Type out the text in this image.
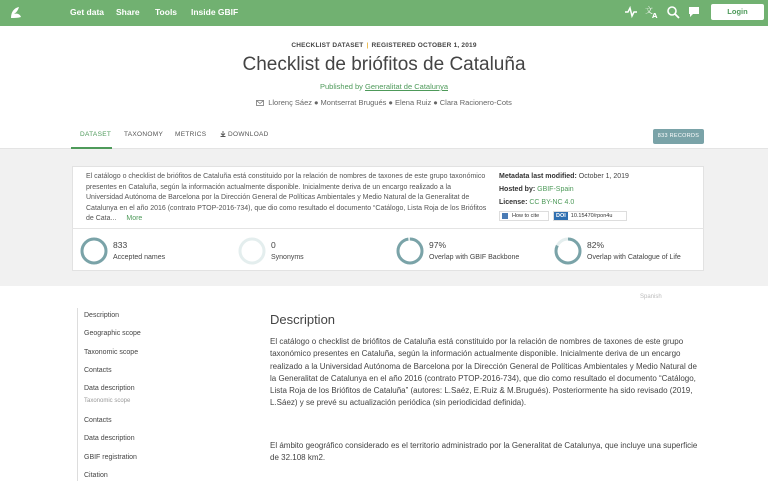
Get data Share Tools Inside GBIF	文
A	Login
CHECKLIST DATASET | REGISTERED OCTOBER 1, 2019
Checklist de briófitos de Cataluña
Published by Generalitat de Catalunya
Llorenç Sáez ● Montserrat Brugués ● Elena Ruiz ● Clara Racionero-Cots
DATASET TAXONOMY METRICS	DOWNLOAD	833 RECORDS
El catálogo o checklist de briófitos de Cataluña está constituido por la relación de nombres de taxones de este grupo taxonómico presentes en Cataluña, según la información actualmente disponible. Inicialmente deriva de un encargo realizado a la Universidad Autónoma de Barcelona por la Dirección General de Políticas Ambientales y Medio Natural de la Generalitat de Catalunya en el año 2016 (contrato PTOP-2016-734), que dio como resultado el documento “Catálogo, Lista Roja de los Briófitos de Cata... More
Metadata last modified: October 1, 2019
Hosted by: GBIF-Spain
License: CC BY-NC 4.0
How to cite	DOI 10.15470/rpon4u
833
Accepted names
0
Synonyms
97%
Overlap with GBIF Backbone
82%
Overlap with Catalogue of Life
Spanish
Description
Geographic scope
Taxonomic scope
Contacts
Data description
Taxonomic scope
Contacts
Data description
GBIF registration
Citation
Description
El catálogo o checklist de briófitos de Cataluña está constituido por la relación de nombres de taxones de este grupo taxonómico presentes en Cataluña, según la información actualmente disponible. Inicialmente deriva de un encargo realizado a la Universidad Autónoma de Barcelona por la Dirección General de Políticas Ambientales y Medio Natural de la Generalitat de Catalunya en el año 2016 (contrato PTOP-2016-734), que dio como resultado el documento “Catálogo, Lista Roja de los Briófitos de Cataluña” (autores: L.Saéz, E.Ruiz & M.Brugués). Posteriormente ha sido revisado (2019, L.Sáez) y se prevé su actualización periódica (sin periodicidad definida).
El ámbito geográfico considerado es el territorio administrado por la Generalitat de Catalunya, que incluye una superficie de 32.108 km2.
